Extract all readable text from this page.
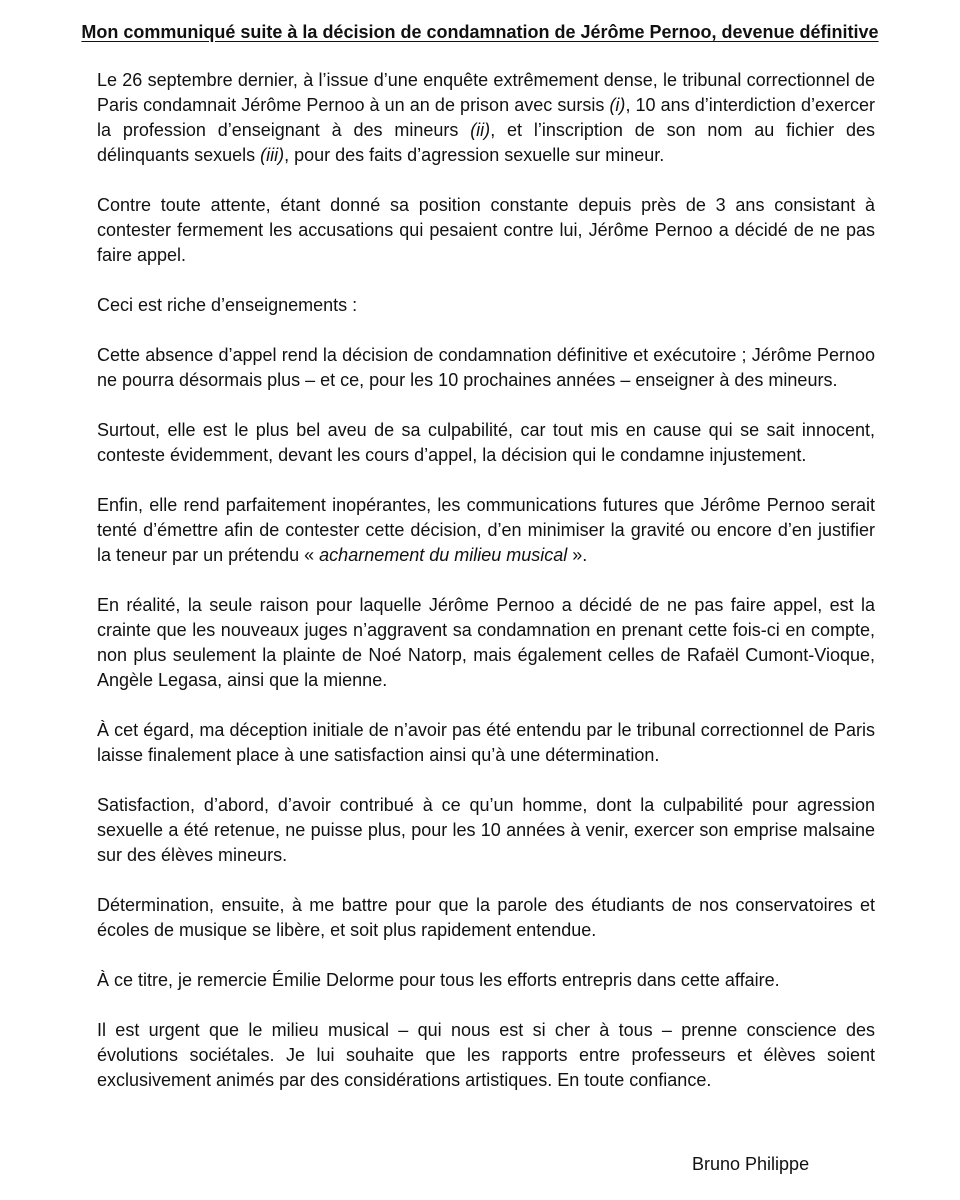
Mon communiqué suite à la décision de condamnation de Jérôme Pernoo, devenue définitive

Le 26 septembre dernier, à l’issue d’une enquête extrêmement dense, le tribunal correctionnel de Paris condamnait Jérôme Pernoo à un an de prison avec sursis (i), 10 ans d’interdiction d’exercer la profession d’enseignant à des mineurs (ii), et l’inscription de son nom au fichier des délinquants sexuels (iii), pour des faits d’agression sexuelle sur mineur.

Contre toute attente, étant donné sa position constante depuis près de 3 ans consistant à contester fermement les accusations qui pesaient contre lui, Jérôme Pernoo a décidé de ne pas faire appel.

Ceci est riche d’enseignements :

Cette absence d’appel rend la décision de condamnation définitive et exécutoire ; Jérôme Pernoo ne pourra désormais plus – et ce, pour les 10 prochaines années – enseigner à des mineurs.

Surtout, elle est le plus bel aveu de sa culpabilité, car tout mis en cause qui se sait innocent, conteste évidemment, devant les cours d’appel, la décision qui le condamne injustement.

Enfin, elle rend parfaitement inopérantes, les communications futures que Jérôme Pernoo serait tenté d’émettre afin de contester cette décision, d’en minimiser la gravité ou encore d’en justifier la teneur par un prétendu « acharnement du milieu musical ».

En réalité, la seule raison pour laquelle Jérôme Pernoo a décidé de ne pas faire appel, est la crainte que les nouveaux juges n’aggravent sa condamnation en prenant cette fois-ci en compte, non plus seulement la plainte de Noé Natorp, mais également celles de Rafaël Cumont-Vioque, Angèle Legasa, ainsi que la mienne.

À cet égard, ma déception initiale de n’avoir pas été entendu par le tribunal correctionnel de Paris laisse finalement place à une satisfaction ainsi qu’à une détermination.

Satisfaction, d’abord, d’avoir contribué à ce qu’un homme, dont la culpabilité pour agression sexuelle a été retenue, ne puisse plus, pour les 10 années à venir, exercer son emprise malsaine sur des élèves mineurs.

Détermination, ensuite, à me battre pour que la parole des étudiants de nos conservatoires et écoles de musique se libère, et soit plus rapidement entendue.

À ce titre, je remercie Émilie Delorme pour tous les efforts entrepris dans cette affaire.

Il est urgent que le milieu musical – qui nous est si cher à tous – prenne conscience des évolutions sociétales. Je lui souhaite que les rapports entre professeurs et élèves soient exclusivement animés par des considérations artistiques. En toute confiance.

Bruno Philippe
